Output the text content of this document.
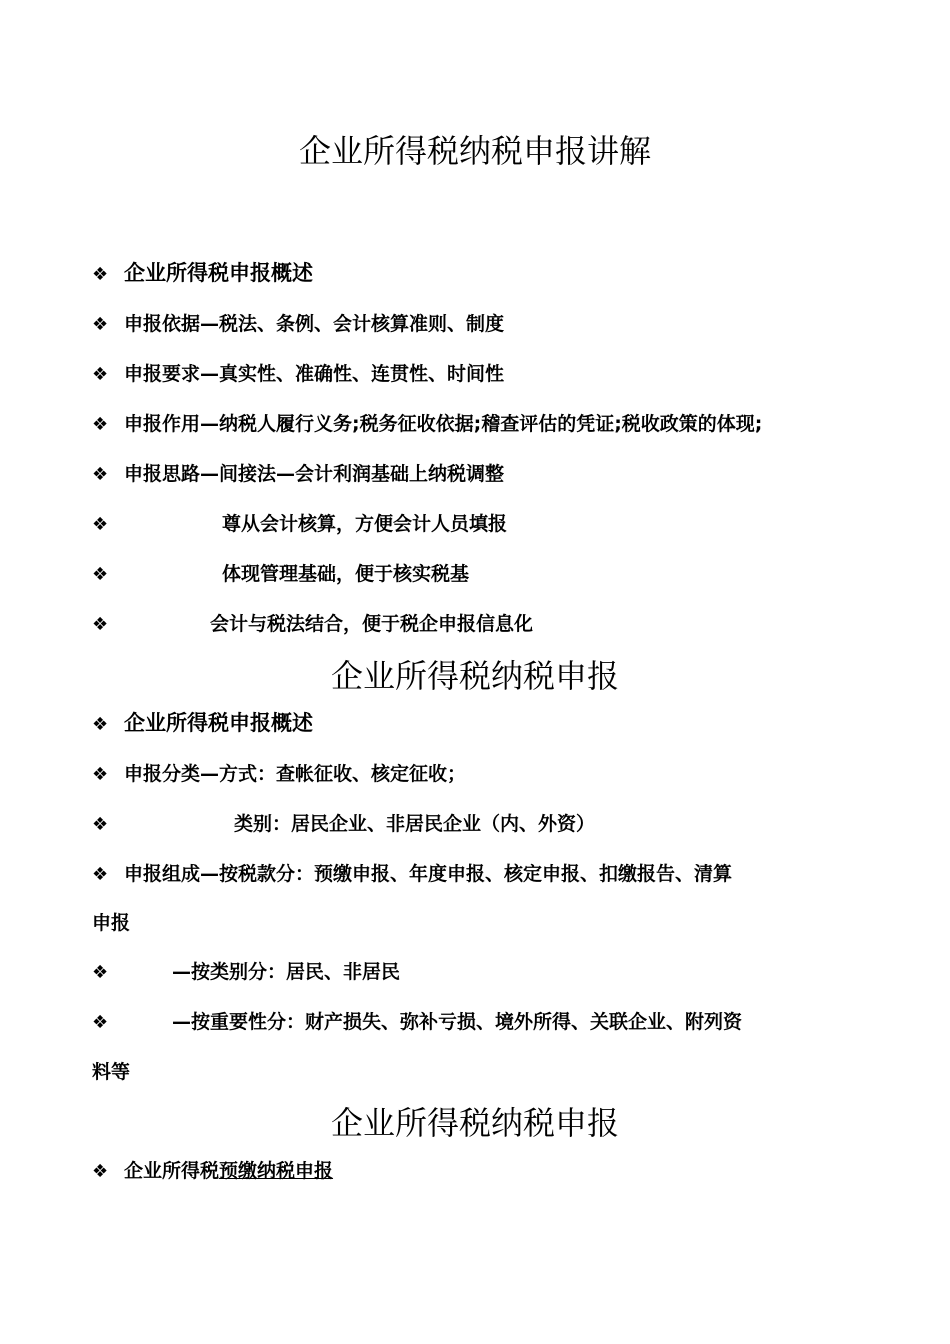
企业所得税纳税申报讲解
❖ 企业所得税申报概述
❖ 申报依据—税法、条例、会计核算准则、制度
❖ 申报要求—真实性、准确性、连贯性、时间性
❖ 申报作用—纳税人履行义务;税务征收依据;稽查评估的凭证;税收政策的体现;
❖ 申报思路—间接法—会计利润基础上纳税调整
❖	尊从会计核算，方便会计人员填报
❖	体现管理基础，便于核实税基
❖	会计与税法结合，便于税企申报信息化
企业所得税纳税申报
❖ 企业所得税申报概述
❖ 申报分类—方式：查帐征收、核定征收；
❖	类别：居民企业、非居民企业（内、外资）
❖ 申报组成—按税款分：预缴申报、年度申报、核定申报、扣缴报告、清算
申报
❖	—按类别分：居民、非居民
❖	—按重要性分：财产损失、弥补亏损、境外所得、关联企业、附列资
料等
企业所得税纳税申报
❖ 企业所得税预缴纳税申报
